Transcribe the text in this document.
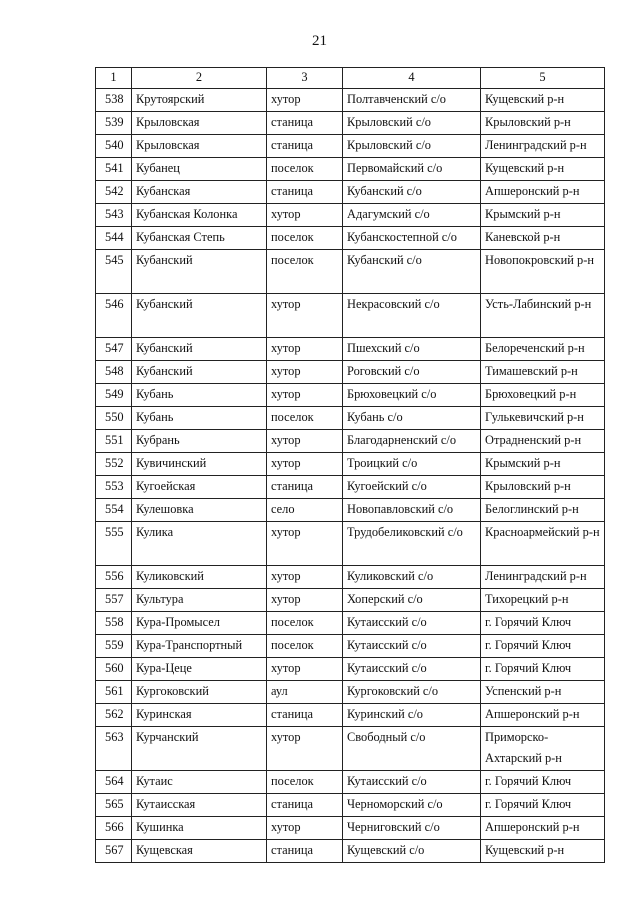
21
1	2	3	4	5
538	Крутоярский	хутор	Полтавченский с/о	Кущевский р-н
539	Крыловская	станица	Крыловский с/о	Крыловский р-н
540	Крыловская	станица	Крыловский с/о	Ленинградский р-н
541	Кубанец	поселок	Первомайский с/о	Кущевский р-н
542	Кубанская	станица	Кубанский с/о	Апшеронский р-н
543	Кубанская Колонка	хутор	Адагумский с/о	Крымский р-н
544	Кубанская Степь	поселок	Кубанскостепной с/о	Каневской р-н
545	Кубанский	поселок	Кубанский с/о	Новопокровский р-н
546	Кубанский	хутор	Некрасовский с/о	Усть-Лабинский р-н
547	Кубанский	хутор	Пшехский с/о	Белореченский р-н
548	Кубанский	хутор	Роговский с/о	Тимашевский р-н
549	Кубань	хутор	Брюховецкий с/о	Брюховецкий р-н
550	Кубань	поселок	Кубань с/о	Гулькевичский р-н
551	Кубрань	хутор	Благодарненский с/о	Отрадненский р-н
552	Кувичинский	хутор	Троицкий с/о	Крымский р-н
553	Кугоейская	станица	Кугоейский с/о	Крыловский р-н
554	Кулешовка	село	Новопавловский с/о	Белоглинский р-н
555	Кулика	хутор	Трудобеликовский с/о	Красноармейский р-н
556	Куликовский	хутор	Куликовский с/о	Ленинградский р-н
557	Культура	хутор	Хоперский с/о	Тихорецкий р-н
558	Кура-Промысел	поселок	Кутаисский с/о	г. Горячий Ключ
559	Кура-Транспортный	поселок	Кутаисский с/о	г. Горячий Ключ
560	Кура-Цеце	хутор	Кутаисский с/о	г. Горячий Ключ
561	Кургоковский	аул	Кургоковский с/о	Успенский р-н
562	Куринская	станица	Куринский с/о	Апшеронский р-н
563	Курчанский	хутор	Свободный с/о	Приморско-Ахтарский р-н
564	Кутаис	поселок	Кутаисский с/о	г. Горячий Ключ
565	Кутаисская	станица	Черноморский с/о	г. Горячий Ключ
566	Кушинка	хутор	Черниговский с/о	Апшеронский р-н
567	Кущевская	станица	Кущевский с/о	Кущевский р-н
